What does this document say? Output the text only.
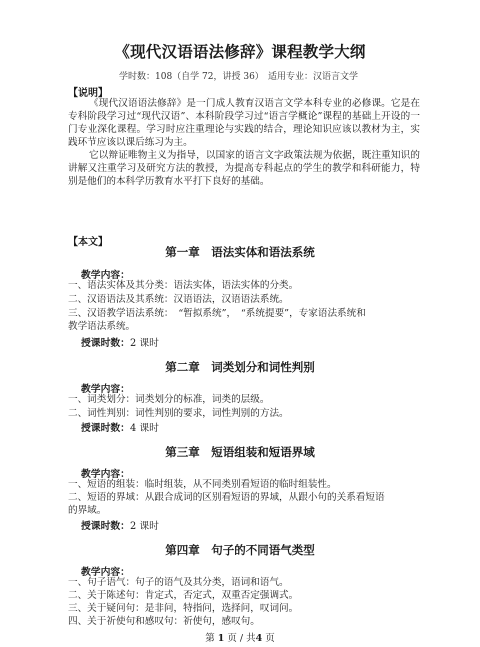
《现代汉语语法修辞》课程教学大纲
学时数：108（自学 72，讲授 36） 适用专业：汉语言文学
【说明】

《现代汉语语法修辞》是一门成人教育汉语言文学本科专业的必修课。它是在专科阶段学习过“现代汉语”、本科阶段学习过“语言学概论”课程的基础上开设的一门专业深化课程。学习时应注重理论与实践的结合，理论知识应该以教材为主，实践环节应该以课后练习为主。

它以辩证唯物主义为指导，以国家的语言文字政策法规为依据，既注重知识的讲解又注重学习及研究方法的教授，为提高专科起点的学生的教学和科研能力，特别是他们的本科学历教育水平打下良好的基础。

【本文】
第一章　语法实体和语法系统
教学内容：
一、语法实体及其分类：语法实体，语法实体的分类。
二、汉语语法及其系统：汉语语法，汉语语法系统。
三、汉语教学语法系统：　“暂拟系统”，　“系统提要”，专家语法系统和
教学语法系统。
授课时数：2 课时
第二章　词类划分和词性判别
教学内容：
一、词类划分：词类划分的标准，词类的层级。
二、词性判别：词性判别的要求，词性判别的方法。
授课时数：4 课时
第三章　短语组装和短语界域
教学内容：
一、短语的组装：临时组装，从不同类别看短语的临时组装性。
二、短语的界域：从跟合成词的区别看短语的界域，从跟小句的关系看短语
的界域。
授课时数：2 课时
第四章　句子的不同语气类型
教学内容：
一、句子语气：句子的语气及其分类，语词和语气。
二、关于陈述句：肯定式，否定式，双重否定强调式。
三、关于疑问句：是非问，特指问，选择问，叹词问。
四、关于祈使句和感叹句：祈使句，感叹句。
第 1 页 / 共4 页
